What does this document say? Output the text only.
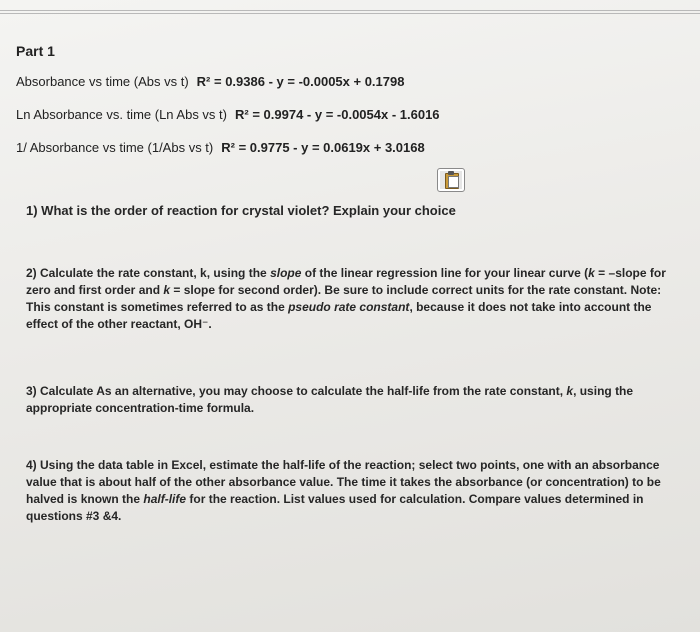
Part 1
Absorbance vs time (Abs vs t) R² = 0.9386 - y = -0.0005x + 0.1798
Ln Absorbance vs. time (Ln Abs vs t) R² = 0.9974 - y = -0.0054x - 1.6016
1/ Absorbance vs time (1/Abs vs t) R² = 0.9775 - y = 0.0619x + 3.0168
1) What is the order of reaction for crystal violet? Explain your choice
2) Calculate the rate constant, k, using the slope of the linear regression line for your linear curve (k = –slope for zero and first order and k = slope for second order). Be sure to include correct units for the rate constant. Note: This constant is sometimes referred to as the pseudo rate constant, because it does not take into account the effect of the other reactant, OH⁻.
3) Calculate As an alternative, you may choose to calculate the half-life from the rate constant, k, using the appropriate concentration-time formula.
4) Using the data table in Excel, estimate the half-life of the reaction; select two points, one with an absorbance value that is about half of the other absorbance value. The time it takes the absorbance (or concentration) to be halved is known the half-life for the reaction. List values used for calculation. Compare values determined in questions #3 &4.
